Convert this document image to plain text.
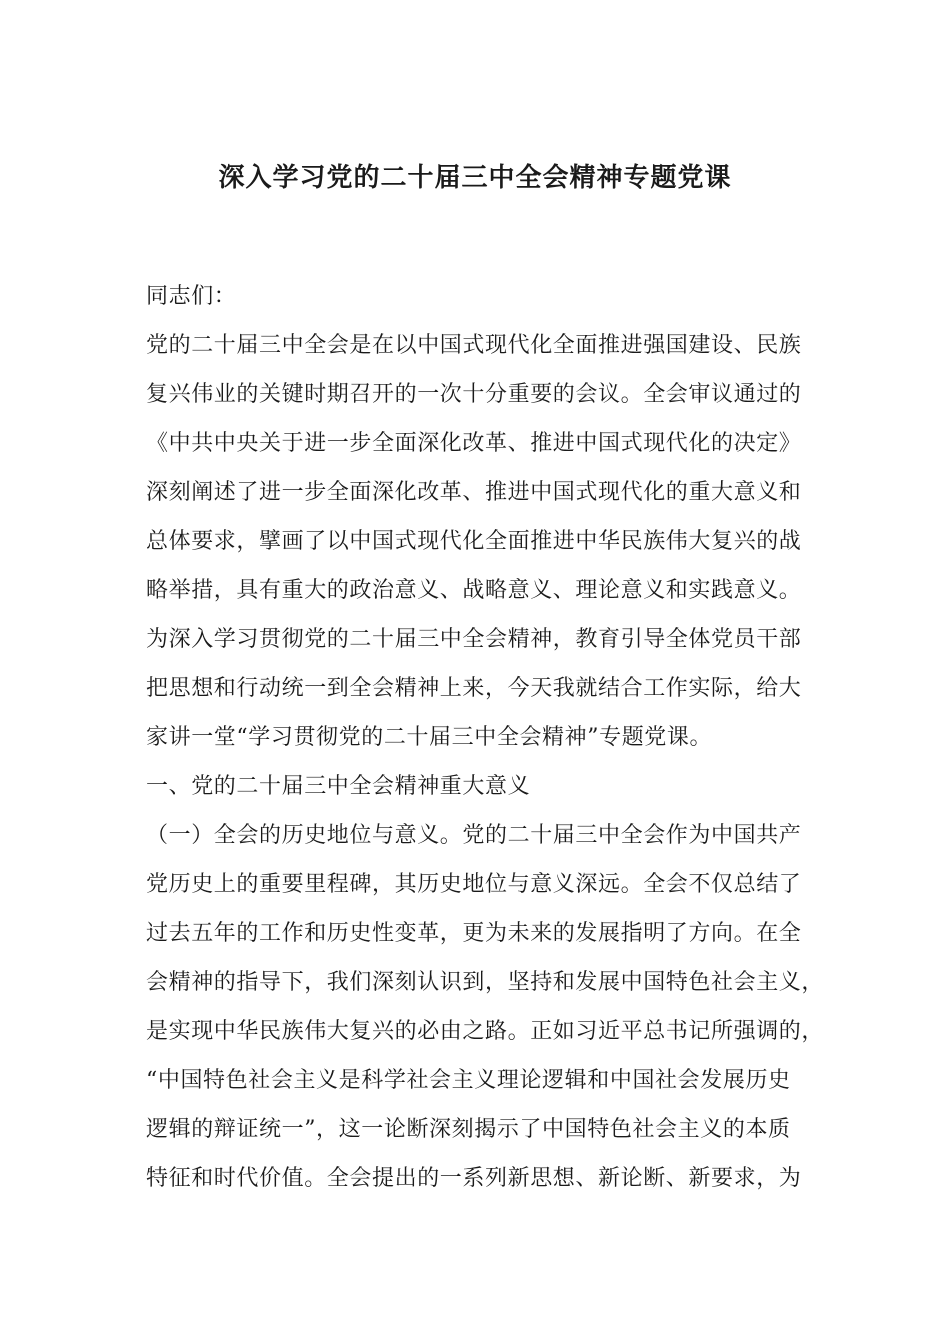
深入学习党的二十届三中全会精神专题党课
同志们：
党的二十届三中全会是在以中国式现代化全面推进强国建设、民族
复兴伟业的关键时期召开的一次十分重要的会议。全会审议通过的
《中共中央关于进一步全面深化改革、推进中国式现代化的决定》
深刻阐述了进一步全面深化改革、推进中国式现代化的重大意义和
总体要求，擘画了以中国式现代化全面推进中华民族伟大复兴的战
略举措，具有重大的政治意义、战略意义、理论意义和实践意义。
为深入学习贯彻党的二十届三中全会精神，教育引导全体党员干部
把思想和行动统一到全会精神上来，今天我就结合工作实际，给大
家讲一堂“学习贯彻党的二十届三中全会精神”专题党课。
一、党的二十届三中全会精神重大意义
（一）全会的历史地位与意义。党的二十届三中全会作为中国共产
党历史上的重要里程碑，其历史地位与意义深远。全会不仅总结了
过去五年的工作和历史性变革，更为未来的发展指明了方向。在全
会精神的指导下，我们深刻认识到，坚持和发展中国特色社会主义，
是实现中华民族伟大复兴的必由之路。正如习近平总书记所强调的，
“中国特色社会主义是科学社会主义理论逻辑和中国社会发展历史
逻辑的辩证统一”，这一论断深刻揭示了中国特色社会主义的本质
特征和时代价值。全会提出的一系列新思想、新论断、新要求，为
